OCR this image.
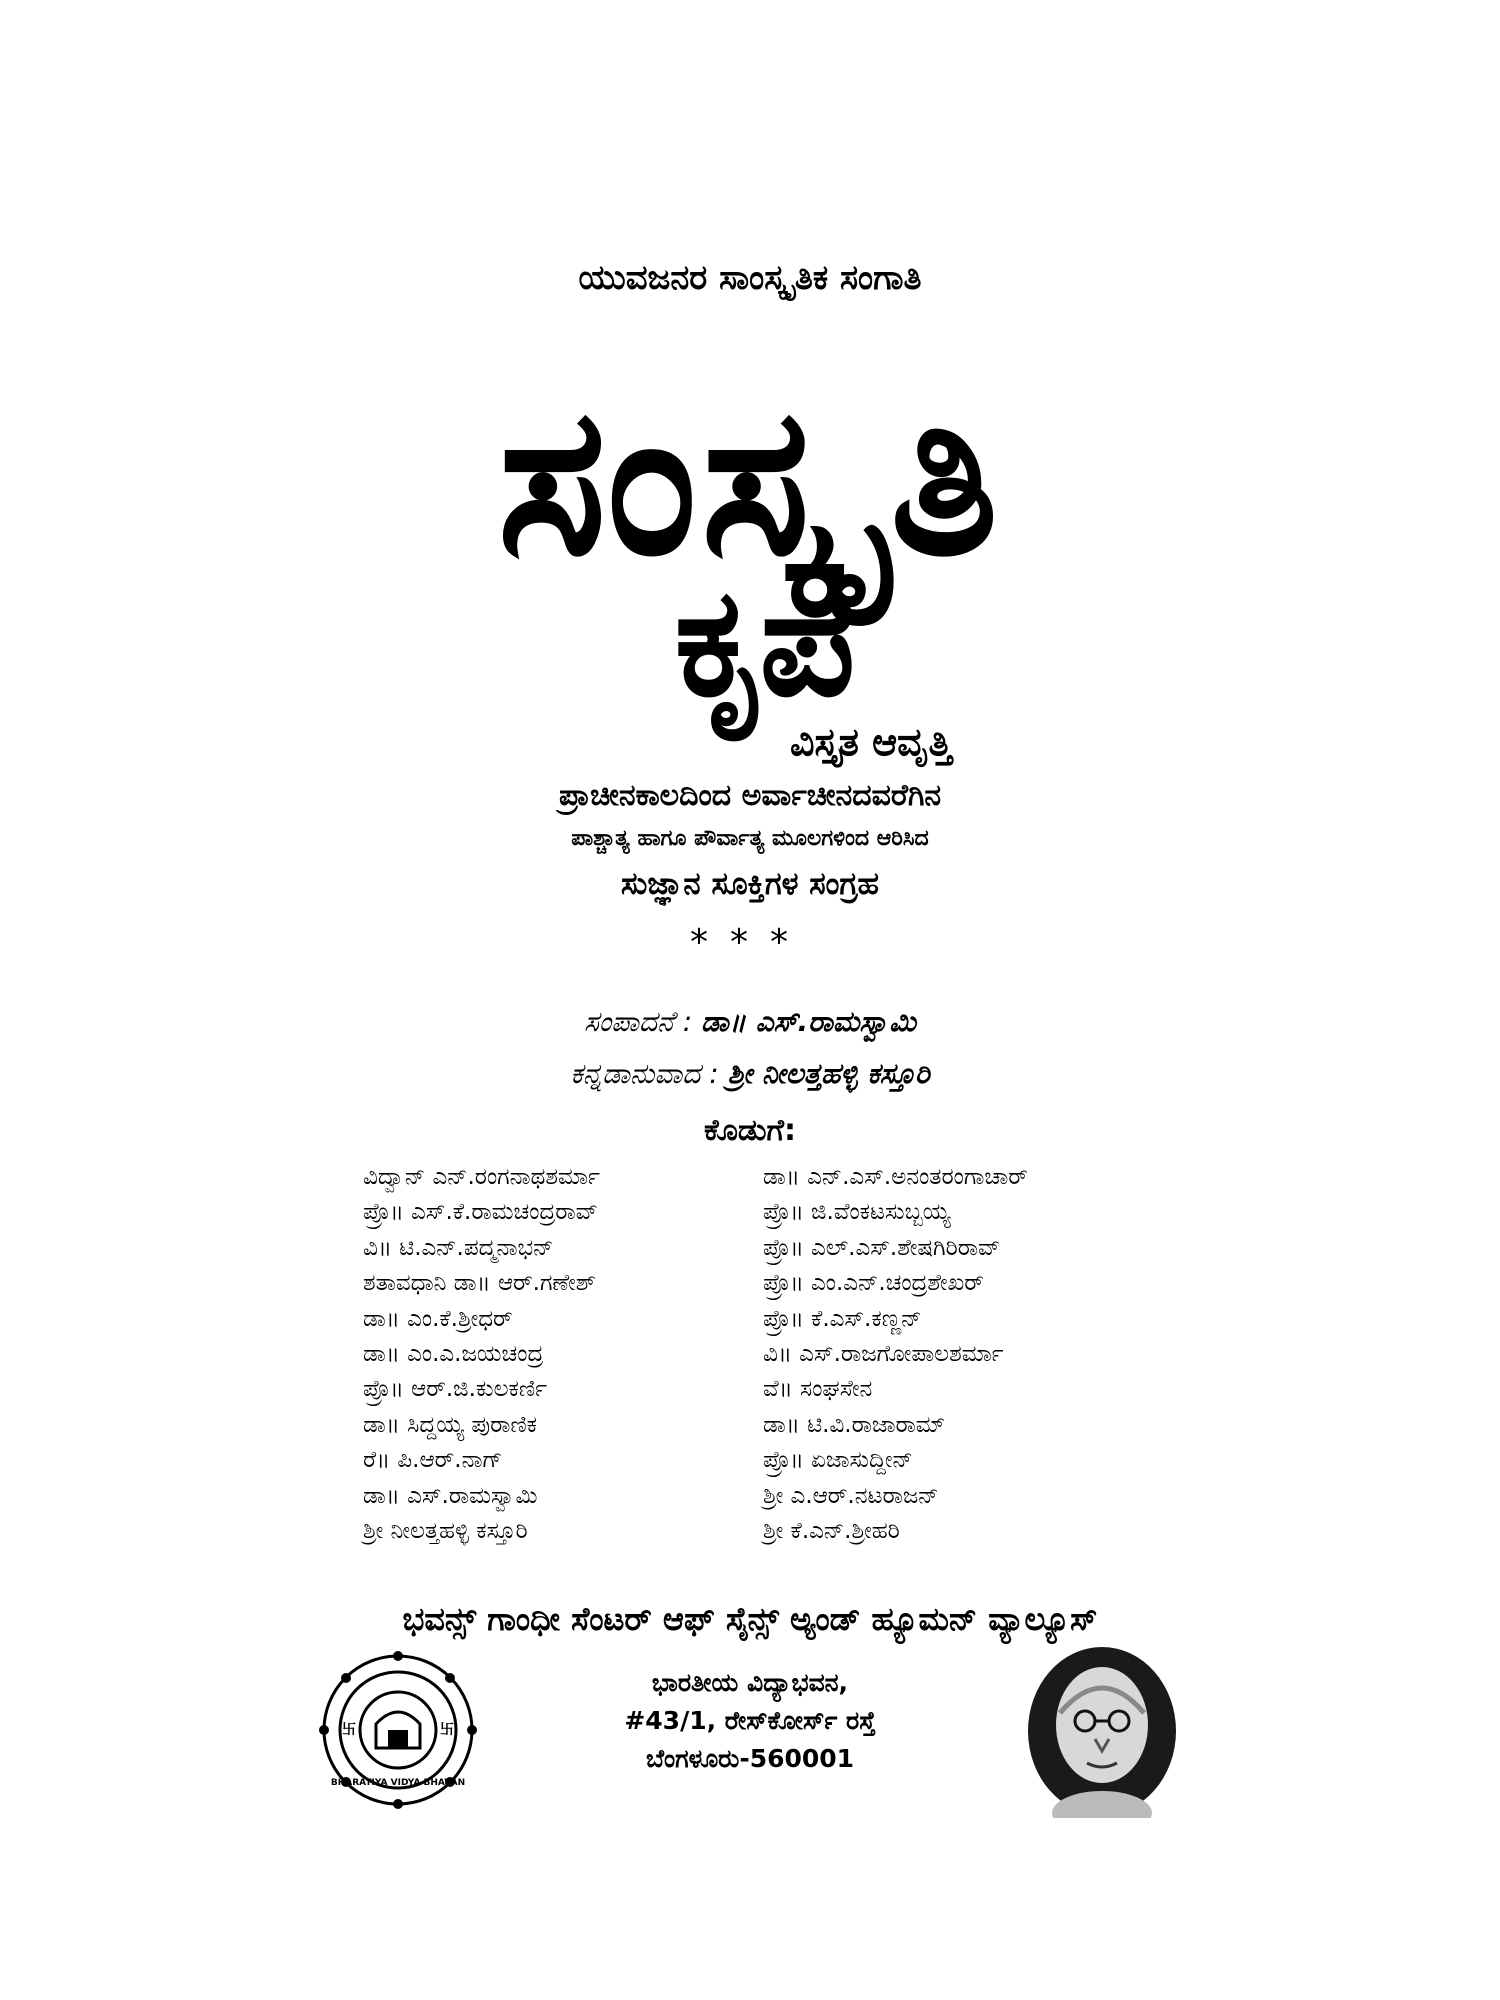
ಯುವಜನರ ಸಾಂಸ್ಕೃತಿಕ ಸಂಗಾತಿ
ಸಂಸ್ಕೃತಿ
ಕೃಪ
ವಿಸ್ತೃತ ಆವೃತ್ತಿ
ಪ್ರಾಚೀನಕಾಲದಿಂದ ಅರ್ವಾಚೀನದವರೆಗಿನ
ಪಾಶ್ಚಾತ್ಯ ಹಾಗೂ ಪೌರ್ವಾತ್ಯ ಮೂಲಗಳಿಂದ ಆರಿಸಿದ
ಸುಜ್ಞಾನ ಸೂಕ್ತಿಗಳ ಸಂಗ್ರಹ
***
ಸಂಪಾದನೆ : ಡಾ॥ ಎಸ್.ರಾಮಸ್ವಾಮಿ
ಕನ್ನಡಾನುವಾದ : ಶ್ರೀ ನೀಲತ್ತಹಳ್ಳಿ ಕಸ್ತೂರಿ
ಕೊಡುಗೆ:
ವಿದ್ವಾನ್ ಎನ್.ರಂಗನಾಥಶರ್ಮಾ
ಪ್ರೊ॥ ಎಸ್.ಕೆ.ರಾಮಚಂದ್ರರಾವ್
ವಿ॥ ಟಿ.ಎನ್.ಪದ್ಮನಾಭನ್
ಶತಾವಧಾನಿ ಡಾ॥ ಆರ್.ಗಣೇಶ್
ಡಾ॥ ಎಂ.ಕೆ.ಶ್ರೀಧರ್
ಡಾ॥ ಎಂ.ಎ.ಜಯಚಂದ್ರ
ಪ್ರೊ॥ ಆರ್.ಜಿ.ಕುಲಕರ್ಣಿ
ಡಾ॥ ಸಿದ್ದಯ್ಯ ಪುರಾಣಿಕ
ರೆ॥ ಪಿ.ಆರ್.ನಾಗ್
ಡಾ॥ ಎಸ್.ರಾಮಸ್ವಾಮಿ
ಶ್ರೀ ನೀಲತ್ತಹಳ್ಳಿ ಕಸ್ತೂರಿ
ಡಾ॥ ಎನ್.ಎಸ್.ಅನಂತರಂಗಾಚಾರ್
ಪ್ರೊ॥ ಜಿ.ವೆಂಕಟಸುಬ್ಬಯ್ಯ
ಪ್ರೊ॥ ಎಲ್.ಎಸ್.ಶೇಷಗಿರಿರಾವ್
ಪ್ರೊ॥ ಎಂ.ಎನ್.ಚಂದ್ರಶೇಖರ್
ಪ್ರೊ॥ ಕೆ.ಎಸ್.ಕಣ್ಣನ್
ವಿ॥ ಎಸ್.ರಾಜಗೋಪಾಲಶರ್ಮಾ
ವೆ॥ ಸಂಘಸೇನ
ಡಾ॥ ಟಿ.ವಿ.ರಾಜಾರಾಮ್
ಪ್ರೊ॥ ಏಜಾಸುದ್ದೀನ್
ಶ್ರೀ ಎ.ಆರ್.ನಟರಾಜನ್
ಶ್ರೀ ಕೆ.ಎನ್.ಶ್ರೀಹರಿ
ಭವನ್ಸ್ ಗಾಂಧೀ ಸೆಂಟರ್ ಆಫ್ ಸೈನ್ಸ್ ಅ್ಯಂಡ್ ಹ್ಯೂಮನ್ ವ್ಯಾಲ್ಯೂಸ್
卐	卐
BHARATIYA VIDYA BHAVAN
ಭಾರತೀಯ ವಿದ್ಯಾಭವನ,
#43/1, ರೇಸ್‌ಕೋರ್ಸ್ ರಸ್ತೆ
ಬೆಂಗಳೂರು-560001
